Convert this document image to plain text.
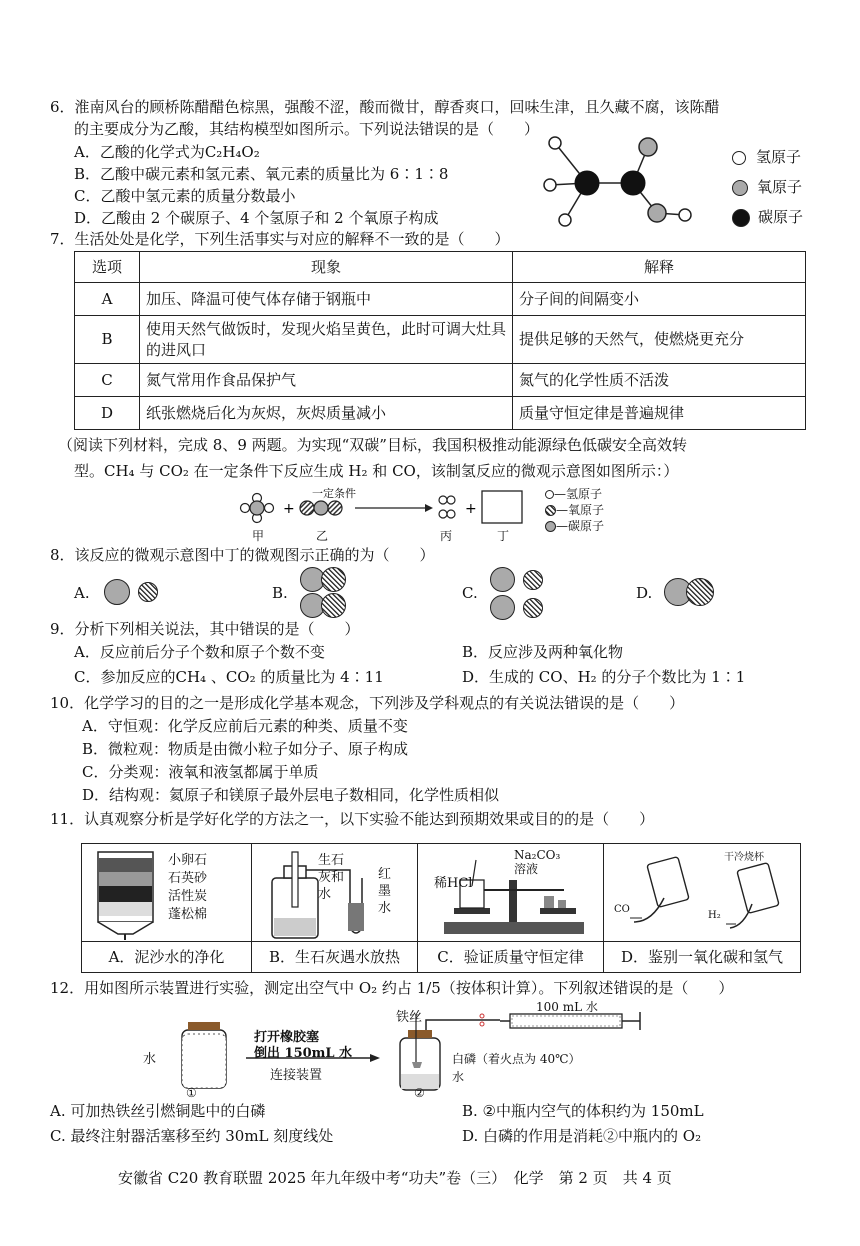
6．淮南风台的顾桥陈醋醋色棕黑，强酸不涩，酸而微甘，醇香爽口，回味生津，且久藏不腐，该陈醋
的主要成分为乙酸，其结构模型如图所示。下列说法错误的是（　　）
A．乙酸的化学式为C₂H₄O₂
B．乙酸中碳元素和氢元素、氧元素的质量比为 6∶1∶8
C．乙酸中氢元素的质量分数最小
D．乙酸由 2 个碳原子、4 个氢原子和 2 个氧原子构成
氢原子
氧原子
碳原子
7．生活处处是化学，下列生活事实与对应的解释不一致的是（　　）
选项	现象	解释
A	加压、降温可使气体存储于钢瓶中	分子间的间隔变小
B	使用天然气做饭时，发现火焰呈黄色，此时可调大灶具的进风口	提供足够的天然气，使燃烧更充分
C	氮气常用作食品保护气	氮气的化学性质不活泼
D	纸张燃烧后化为灰烬，灰烬质量减小	质量守恒定律是普遍规律
（阅读下列材料，完成 8、9 两题。为实现“双碳”目标，我国积极推动能源绿色低碳安全高效转
型。CH₄ 与 CO₂ 在一定条件下反应生成 H₂ 和 CO，该制氢反应的微观示意图如图所示：）
+	+
一定条件
甲	乙	丙	丁
—氢原子
—氧原子
—碳原子
8．该反应的微观示意图中丁的微观图示正确的为（　　）
A.	B.	C.	D.
9．分析下列相关说法，其中错误的是（　　）
A．反应前后分子个数和原子个数不变	B．反应涉及两种氧化物
C．参加反应的CH₄ 、CO₂ 的质量比为 4∶11	D．生成的 CO、H₂ 的分子个数比为 1∶1
10．化学学习的目的之一是形成化学基本观念，下列涉及学科观点的有关说法错误的是（　　）
A．守恒观：化学反应前后元素的种类、质量不变
B．微粒观：物质是由微小粒子如分子、原子构成
C．分类观：液氧和液氢都属于单质
D．结构观：氦原子和镁原子最外层电子数相同，化学性质相似
11．认真观察分析是学好化学的方法之一，以下实验不能达到预期效果或目的的是（　　）
小卵石
石英砂
活性炭
蓬松棉
A．泥沙水的净化
生石
灰和
水
红
墨
水
B．生石灰遇水放热
Na₂CO₃
溶液
稀HCl
C．验证质量守恒定律
干冷烧杯
CO
H₂
D．鉴别一氧化碳和氢气
12．用如图所示装置进行实验，测定出空气中 O₂ 约占 1/5（按体积计算）。下列叙述错误的是（　　）
水
①
打开橡胶塞
倒出 150mL 水
连接装置
铁丝
100 mL 水
白磷（着火点为 40℃）
水
②
A. 可加热铁丝引燃铜匙中的白磷	B. ②中瓶内空气的体积约为 150mL
C. 最终注射器活塞移至约 30mL 刻度线处	D. 白磷的作用是消耗②中瓶内的 O₂
安徽省 C20 教育联盟 2025 年九年级中考“功夫”卷（三）　化学　第 2 页　共 4 页
